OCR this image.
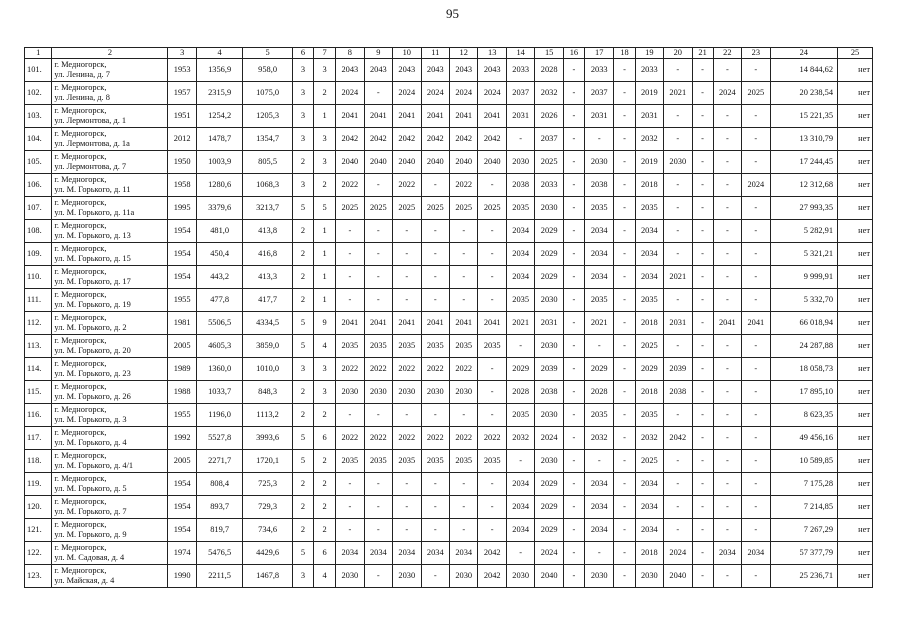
95
1	2	3	4	5	6	7	8	9	10	11	12	13	14	15	16	17	18	19	20	21	22	23	24	25
101.	г. Медногорск,
ул. Ленина, д. 7	1953	1356,9	958,0	3	3	2043	2043	2043	2043	2043	2043	2033	2028	-	2033	-	2033	-	-	-	-	14 844,62	нет
102.	г. Медногорск,
ул. Ленина, д. 8	1957	2315,9	1075,0	3	2	2024	-	2024	2024	2024	2024	2037	2032	-	2037	-	2019	2021	-	2024	2025	20 238,54	нет
103.	г. Медногорск,
ул. Лермонтова, д. 1	1951	1254,2	1205,3	3	1	2041	2041	2041	2041	2041	2041	2031	2026	-	2031	-	2031	-	-	-	-	15 221,35	нет
104.	г. Медногорск,
ул. Лермонтова, д. 1а	2012	1478,7	1354,7	3	3	2042	2042	2042	2042	2042	2042	-	2037	-	-	-	2032	-	-	-	-	13 310,79	нет
105.	г. Медногорск,
ул. Лермонтова, д. 7	1950	1003,9	805,5	2	3	2040	2040	2040	2040	2040	2040	2030	2025	-	2030	-	2019	2030	-	-	-	17 244,45	нет
106.	г. Медногорск,
ул. М. Горького, д. 11	1958	1280,6	1068,3	3	2	2022	-	2022	-	2022	-	2038	2033	-	2038	-	2018	-	-	-	2024	12 312,68	нет
107.	г. Медногорск,
ул. М. Горького, д. 11а	1995	3379,6	3213,7	5	5	2025	2025	2025	2025	2025	2025	2035	2030	-	2035	-	2035	-	-	-	-	27 993,35	нет
108.	г. Медногорск,
ул. М. Горького, д. 13	1954	481,0	413,8	2	1	-	-	-	-	-	-	2034	2029	-	2034	-	2034	-	-	-	-	5 282,91	нет
109.	г. Медногорск,
ул. М. Горького, д. 15	1954	450,4	416,8	2	1	-	-	-	-	-	-	2034	2029	-	2034	-	2034	-	-	-	-	5 321,21	нет
110.	г. Медногорск,
ул. М. Горького, д. 17	1954	443,2	413,3	2	1	-	-	-	-	-	-	2034	2029	-	2034	-	2034	2021	-	-	-	9 999,91	нет
111.	г. Медногорск,
ул. М. Горького, д. 19	1955	477,8	417,7	2	1	-	-	-	-	-	-	2035	2030	-	2035	-	2035	-	-	-	-	5 332,70	нет
112.	г. Медногорск,
ул. М. Горького, д. 2	1981	5506,5	4334,5	5	9	2041	2041	2041	2041	2041	2041	2021	2031	-	2021	-	2018	2031	-	2041	2041	66 018,94	нет
113.	г. Медногорск,
ул. М. Горького, д. 20	2005	4605,3	3859,0	5	4	2035	2035	2035	2035	2035	2035	-	2030	-	-	-	2025	-	-	-	-	24 287,88	нет
114.	г. Медногорск,
ул. М. Горького, д. 23	1989	1360,0	1010,0	3	3	2022	2022	2022	2022	2022	-	2029	2039	-	2029	-	2029	2039	-	-	-	18 058,73	нет
115.	г. Медногорск,
ул. М. Горького, д. 26	1988	1033,7	848,3	2	3	2030	2030	2030	2030	2030	-	2028	2038	-	2028	-	2018	2038	-	-	-	17 895,10	нет
116.	г. Медногорск,
ул. М. Горького, д. 3	1955	1196,0	1113,2	2	2	-	-	-	-	-	-	2035	2030	-	2035	-	2035	-	-	-	-	8 623,35	нет
117.	г. Медногорск,
ул. М. Горького, д. 4	1992	5527,8	3993,6	5	6	2022	2022	2022	2022	2022	2022	2032	2024	-	2032	-	2032	2042	-	-	-	49 456,16	нет
118.	г. Медногорск,
ул. М. Горького, д. 4/1	2005	2271,7	1720,1	5	2	2035	2035	2035	2035	2035	2035	-	2030	-	-	-	2025	-	-	-	-	10 589,85	нет
119.	г. Медногорск,
ул. М. Горького, д. 5	1954	808,4	725,3	2	2	-	-	-	-	-	-	2034	2029	-	2034	-	2034	-	-	-	-	7 175,28	нет
120.	г. Медногорск,
ул. М. Горького, д. 7	1954	893,7	729,3	2	2	-	-	-	-	-	-	2034	2029	-	2034	-	2034	-	-	-	-	7 214,85	нет
121.	г. Медногорск,
ул. М. Горького, д. 9	1954	819,7	734,6	2	2	-	-	-	-	-	-	2034	2029	-	2034	-	2034	-	-	-	-	7 267,29	нет
122.	г. Медногорск,
ул. М. Садовая, д. 4	1974	5476,5	4429,6	5	6	2034	2034	2034	2034	2034	2042	-	2024	-	-	-	2018	2024	-	2034	2034	57 377,79	нет
123.	г. Медногорск,
ул. Майская, д. 4	1990	2211,5	1467,8	3	4	2030	-	2030	-	2030	2042	2030	2040	-	2030	-	2030	2040	-	-	-	25 236,71	нет
